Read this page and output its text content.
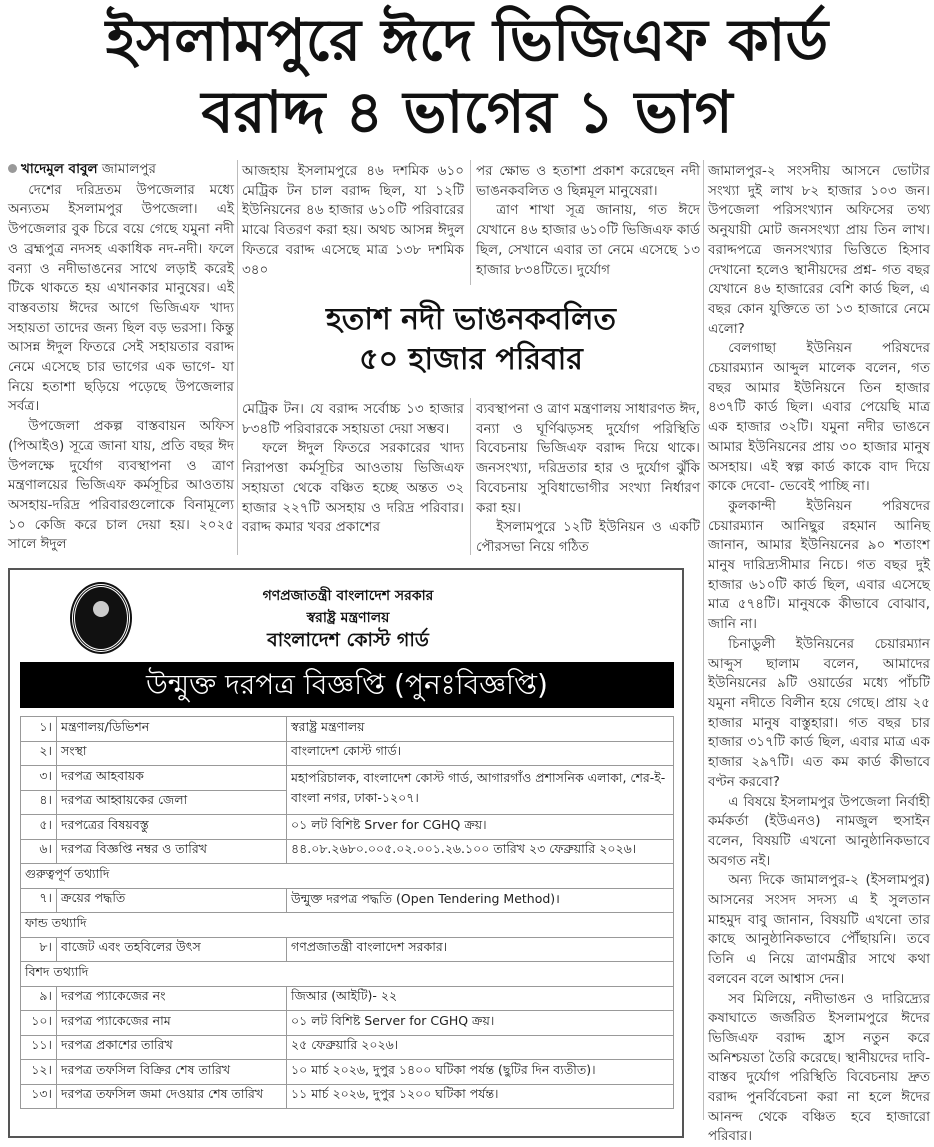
ইসলামপুরে ঈদে ভিজিএফ কার্ড
বরাদ্দ ৪ ভাগের ১ ভাগ
খাদেমুল বাবুল জামালপুর

দেশের দরিদ্রতম উপজেলার মধ্যে অন্যতম ইসলামপুর উপজেলা। এই উপজেলার বুক চিরে বয়ে গেছে যমুনা নদী ও ব্রহ্মপুত্র নদসহ একাধিক নদ-নদী। ফলে বন্যা ও নদীভাঙনের সাথে লড়াই করেই টিকে থাকতে হয় এখানকার মানুষের। এই বাস্তবতায় ঈদের আগে ভিজিএফ খাদ্য সহায়তা তাদের জন্য ছিল বড় ভরসা। কিন্তু আসন্ন ঈদুল ফিতরে সেই সহায়তার বরাদ্দ নেমে এসেছে চার ভাগের এক ভাগে- যা নিয়ে হতাশা ছড়িয়ে পড়েছে উপজেলার সর্বত্র।

উপজেলা প্রকল্প বাস্তবায়ন অফিস (পিআইও) সূত্রে জানা যায়, প্রতি বছর ঈদ উপলক্ষে দুর্যোগ ব্যবস্থাপনা ও ত্রাণ মন্ত্রণালয়ের ভিজিএফ কর্মসূচির আওতায় অসহায়-দরিদ্র পরিবারগুলোকে বিনামূল্যে ১০ কেজি করে চাল দেয়া হয়। ২০২৫ সালে ঈদুল

আজহায় ইসলামপুরে ৪৬ দশমিক ৬১০ মেট্রিক টন চাল বরাদ্দ ছিল, যা ১২টি ইউনিয়নের ৪৬ হাজার ৬১০টি পরিবারের মাঝে বিতরণ করা হয়। অথচ আসন্ন ঈদুল ফিতরে বরাদ্দ এসেছে মাত্র ১৩৮ দশমিক ৩৪০

পর ক্ষোভ ও হতাশা প্রকাশ করেছেন নদী ভাঙনকবলিত ও ছিন্নমূল মানুষেরা।

ত্রাণ শাখা সূত্র জানায়, গত ঈদে যেখানে ৪৬ হাজার ৬১০টি ভিজিএফ কার্ড ছিল, সেখানে এবার তা নেমে এসেছে ১৩ হাজার ৮৩৪টিতে। দুর্যোগ

হতাশ নদী ভাঙনকবলিত
৫০ হাজার পরিবার

মেট্রিক টন। যে বরাদ্দ সর্বোচ্চ ১৩ হাজার ৮৩৪টি পরিবারকে সহায়তা দেয়া সম্ভব।

ফলে ঈদুল ফিতরে সরকারের খাদ্য নিরাপত্তা কর্মসূচির আওতায় ভিজিএফ সহায়তা থেকে বঞ্চিত হচ্ছে অন্তত ৩২ হাজার ২২৭টি অসহায় ও দরিদ্র পরিবার। বরাদ্দ কমার খবর প্রকাশের

ব্যবস্থাপনা ও ত্রাণ মন্ত্রণালয় সাধারণত ঈদ, বন্যা ও ঘূর্ণিঝড়সহ দুর্যোগ পরিস্থিতি বিবেচনায় ভিজিএফ বরাদ্দ দিয়ে থাকে। জনসংখ্যা, দরিদ্রতার হার ও দুর্যোগ ঝুঁকি বিবেচনায় সুবিধাভোগীর সংখ্যা নির্ধারণ করা হয়।

ইসলামপুরে ১২টি ইউনিয়ন ও একটি পৌরসভা নিয়ে গঠিত

জামালপুর-২ সংসদীয় আসনে ভোটার সংখ্যা দুই লাখ ৮২ হাজার ১০৩ জন। উপজেলা পরিসংখ্যান অফিসের তথ্য অনুযায়ী মোট জনসংখ্যা প্রায় তিন লাখ। বরাদ্দপত্রে জনসংখ্যার ভিত্তিতে হিসাব দেখানো হলেও স্থানীয়দের প্রশ্ন- গত বছর যেখানে ৪৬ হাজারের বেশি কার্ড ছিল, এ বছর কোন যুক্তিতে তা ১৩ হাজারে নেমে এলো?

বেলগাছা ইউনিয়ন পরিষদের চেয়ারম্যান আব্দুল মালেক বলেন, গত বছর আমার ইউনিয়নে তিন হাজার ৪৩৭টি কার্ড ছিল। এবার পেয়েছি মাত্র এক হাজার ৩২টি। যমুনা নদীর ভাঙনে আমার ইউনিয়নের প্রায় ৩০ হাজার মানুষ অসহায়। এই স্বল্প কার্ড কাকে বাদ দিয়ে কাকে দেবো- ভেবেই পাচ্ছি না।

কুলকান্দী ইউনিয়ন পরিষদের চেয়ারম্যান আনিছুর রহমান আনিছ জানান, আমার ইউনিয়নের ৯০ শতাংশ মানুষ দারিদ্র্যসীমার নিচে। গত বছর দুই হাজার ৬১০টি কার্ড ছিল, এবার এসেছে মাত্র ৫৭৪টি। মানুষকে কীভাবে বোঝাব, জানি না।

চিনাডুলী ইউনিয়নের চেয়ারম্যান আব্দুস ছালাম বলেন, আমাদের ইউনিয়নের ৯টি ওয়ার্ডের মধ্যে পাঁচটি যমুনা নদীতে বিলীন হয়ে গেছে। প্রায় ২৫ হাজার মানুষ বাস্তুহারা। গত বছর চার হাজার ৩১৭টি কার্ড ছিল, এবার মাত্র এক হাজার ২৯৭টি। এত কম কার্ড কীভাবে বণ্টন করবো?

এ বিষয়ে ইসলামপুর উপজেলা নির্বাহী কর্মকর্তা (ইউএনও) নামজুল হুসাইন বলেন, বিষয়টি এখনো আনুষ্ঠানিকভাবে অবগত নই।

অন্য দিকে জামালপুর-২ (ইসলামপুর) আসনের সংসদ সদস্য এ ই সুলতান মাহমুদ বাবু জানান, বিষয়টি এখনো তার কাছে আনুষ্ঠানিকভাবে পৌঁছায়নি। তবে তিনি এ নিয়ে ত্রাণমন্ত্রীর সাথে কথা বলবেন বলে আশ্বাস দেন।

সব মিলিয়ে, নদীভাঙন ও দারিদ্র্যের কষাঘাতে জর্জরিত ইসলামপুরে ঈদের ভিজিএফ বরাদ্দ হ্রাস নতুন করে অনিশ্চয়তা তৈরি করেছে। স্থানীয়দের দাবি- বাস্তব দুর্যোগ পরিস্থিতি বিবেচনায় দ্রুত বরাদ্দ পুনর্বিবেচনা করা না হলে ঈদের আনন্দ থেকে বঞ্চিত হবে হাজারো পরিবার।

গণপ্রজাতন্ত্রী বাংলাদেশ সরকার
স্বরাষ্ট্র মন্ত্রণালয়
বাংলাদেশ কোস্ট গার্ড
উন্মুক্ত দরপত্র বিজ্ঞপ্তি (পুনঃবিজ্ঞপ্তি)
১।	মন্ত্রণালয়/ডিভিশন	স্বরাষ্ট্র মন্ত্রণালয়
২।	সংস্থা	বাংলাদেশ কোস্ট গার্ড।
৩।	দরপত্র আহবায়ক	মহাপরিচালক, বাংলাদেশ কোস্ট গার্ড, আগারগাঁও প্রশাসনিক এলাকা, শের-ই-বাংলা নগর, ঢাকা-১২০৭।
৪।	দরপত্র আহ্বায়কের জেলা	
৫।	দরপত্রের বিষয়বস্তু	০১ লট বিশিষ্ট Srver for CGHQ ক্রয়।
৬।	দরপত্র বিজ্ঞপ্তি নম্বর ও তারিখ	৪৪.০৮.২৬৮০.০০৫.০২.০০১.২৬.১০০ তারিখ ২৩ ফেব্রুয়ারি ২০২৬।
গুরুত্বপূর্ণ তথ্যাদি		
৭।	ক্রয়ের পদ্ধতি	উন্মুক্ত দরপত্র পদ্ধতি (Open Tendering Method)।
ফান্ড তথ্যাদি		
৮।	বাজেট এবং তহবিলের উৎস	গণপ্রজাতন্ত্রী বাংলাদেশ সরকার।
বিশদ তথ্যাদি		
৯।	দরপত্র প্যাকেজের নং	জিআর (আইটি)- ২২
১০।	দরপত্র প্যাকেজের নাম	০১ লট বিশিষ্ট Server for CGHQ ক্রয়।
১১।	দরপত্র প্রকাশের তারিখ	২৫ ফেব্রুয়ারি ২০২৬।
১২।	দরপত্র তফসিল বিক্রির শেষ তারিখ	১০ মার্চ ২০২৬, দুপুর ১৪০০ ঘটিকা পর্যন্ত (ছুটির দিন ব্যতীত)।
১৩।	দরপত্র তফসিল জমা দেওয়ার শেষ তারিখ	১১ মার্চ ২০২৬, দুপুর ১২০০ ঘটিকা পর্যন্ত।
